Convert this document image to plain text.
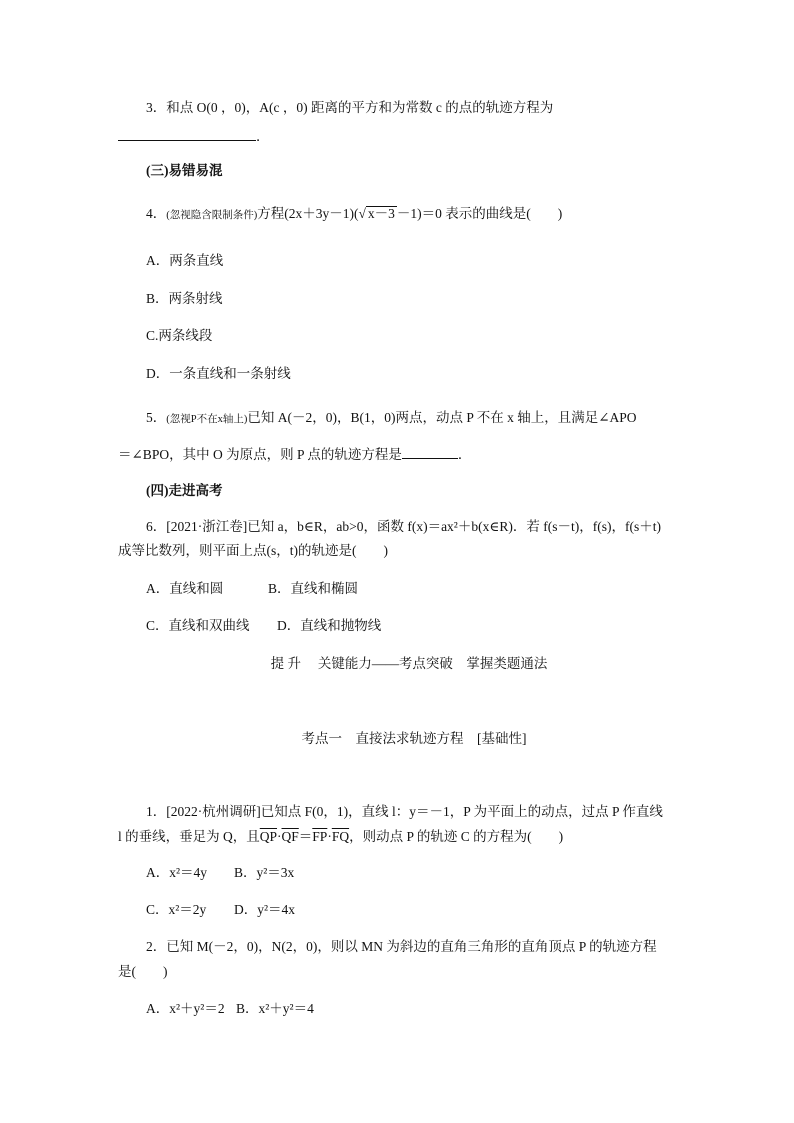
3．和点 O(0 ，0)，A(c ，0) 距离的平方和为常数 c 的点的轨迹方程为
．
(三)易错易混
4．(忽视隐含限制条件)方程(2x＋3y－1)(√ x－3 －1)＝0 表示的曲线是(　　)
A．两条直线
B．两条射线
C.两条线段
D．一条直线和一条射线
5．(忽视P不在x轴上)已知 A(－2，0)，B(1，0)两点，动点 P 不在 x 轴上，且满足∠APO
＝∠BPO，其中 O 为原点，则 P 点的轨迹方程是	．
(四)走进高考
6．[2021·浙江卷]已知 a，b∈R，ab>0，函数 f(x)＝ax²＋b(x∈R)．若 f(s－t)，f(s)，f(s＋t)
成等比数列，则平面上点(s，t)的轨迹是(　　)
A．直线和圆	B．直线和椭圆
C．直线和双曲线 D．直线和抛物线
提 升　 关键能力——考点突破　掌握类题通法
考点一　直接法求轨迹方程　[基础性]
1．[2022·杭州调研]已知点 F(0，1)，直线 l：y＝－1，P 为平面上的动点，过点 P 作直线
l 的垂线，垂足为 Q，且$\overline{QP}\cdot\overline{QF}=\overline{FP}\cdot\overline{FQ}$，则动点 P 的轨迹 C 的方程为(　　)
A．x²＝4y B．y²＝3x
C．x²＝2y D．y²＝4x
2．已知 M(－2，0)，N(2，0)，则以 MN 为斜边的直角三角形的直角顶点 P 的轨迹方程
是(　　)
A．x²＋y²＝2 B．x²＋y²＝4
